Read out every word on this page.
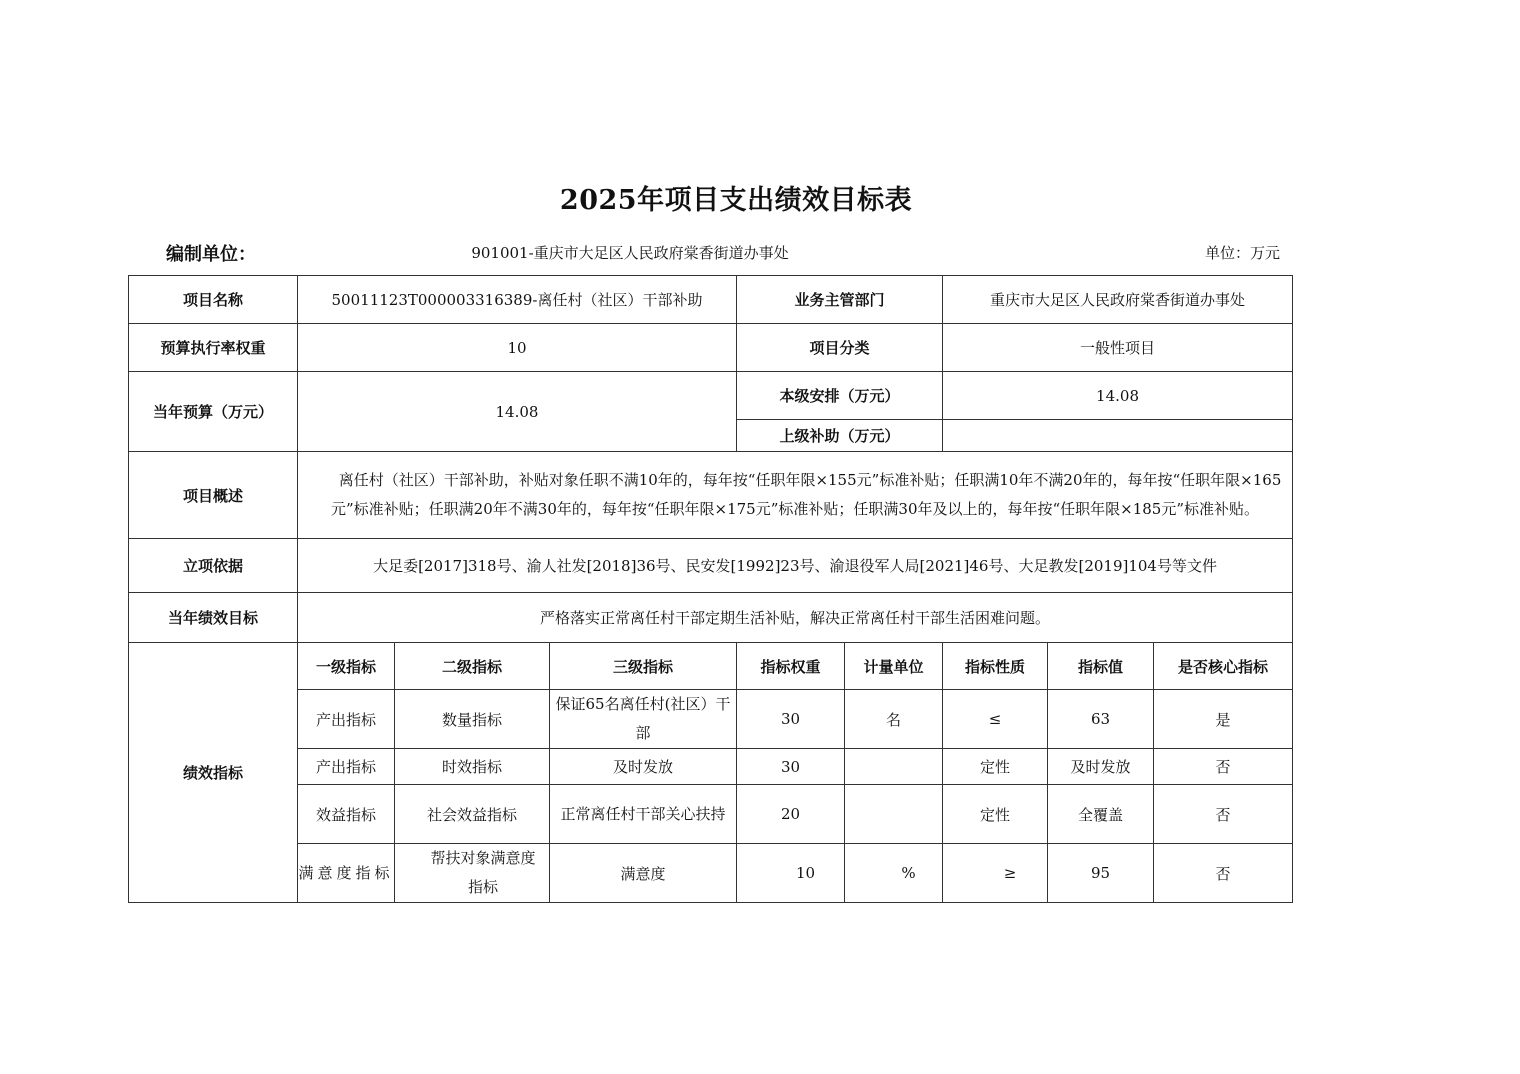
2025年项目支出绩效目标表
编制单位：	901001-重庆市大足区人民政府棠香街道办事处	单位：万元
项目名称	50011123T000003316389-离任村（社区）干部补助			业务主管部门		重庆市大足区人民政府棠香街道办事处		
预算执行率权重	10			项目分类		一般性项目		
当年预算（万元）	14.08			本级安排（万元）		14.08		
				上级补助（万元）				
项目概述	离任村（社区）干部补助，补贴对象任职不满10年的，每年按“任职年限×155元”标准补贴；任职满10年不满20年的，每年按“任职年限×165元”标准补贴；任职满20年不满30年的，每年按“任职年限×175元”标准补贴；任职满30年及以上的，每年按“任职年限×185元”标准补贴。							
立项依据	大足委[2017]318号、渝人社发[2018]36号、民安发[1992]23号、渝退役军人局[2021]46号、大足教发[2019]104号等文件							
当年绩效目标	严格落实正常离任村干部定期生活补贴，解决正常离任村干部生活困难问题。							
绩效指标	一级指标	二级指标	三级指标	指标权重	计量单位	指标性质	指标值	是否核心指标
	产出指标	数量指标	保证65名离任村(社区）干部	30	名	≤	63	是
	产出指标	时效指标	及时发放	30		定性	及时发放	否
	效益指标	社会效益指标	正常离任村干部关心扶持	20		定性	全覆盖	否
	满意度指标	帮扶对象满意度指标	满意度	10	%	≥	95	否
